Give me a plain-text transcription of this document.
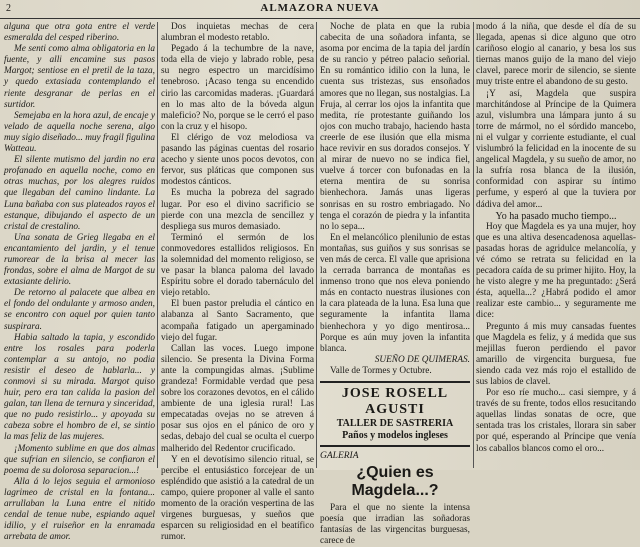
2	ALMAZORA NUEVA

alguna que otra gota entre el verde esmeralda del cesped riberino.

Me senti como alma obligatoria en la fuente, y alli encamine sus pasos Margot; sentiose en el pretil de la taza, y quedo extasiada contemplando el riente desgranar de perlas en el surtidor.

Semejaba en la hora azul, de encaje y velado de aquella noche serena, algo muy sigio diseñado... muy fragil figulina Watteau.

El silente mutismo del jardin no era profanado en aquella noche, como en otras muchas, por los alegres ruidos que llegaban del camino lindante. La Luna bañaba con sus plateados rayos el estanque, dibujando el aspecto de un cristal de crestalino.

Una sonata de Grieg llegaba en el encantamiento del jardin, y el tenue rumorear de la brisa al mecer las frondas, sobre el alma de Margot de su extasiante delirio.

De retorno al palacete que albea en el fondo del ondulante y armoso anden, se encontro con aquel por quien tanto suspirara.

Habia saltado la tapia, y escondido entre los rosales para poderla contemplar a su antojo, no podia resistir el deseo de hablarla... y conmovi si su mirada. Margot quiso huir, pero era tan calida la pasion del galan, tan llena de ternura y sinceridad, que no pudo resistirlo... y apoyada su cabeza sobre el hombro de el, se sintio la mas feliz de las mujeres.

¡Momento sublime en que dos almas que sufrian en silencio, se confiaron el poema de su dolorosa separacion...!

Alla á lo lejos seguia el armonioso lagrimeo de cristal en la fontana... arrullaban la Luna entre el nitido cendal de tenue nube, espiando aquel idilio, y el ruiseñor en la enramada arrebata de amor.

Dos inquietas mechas de cera alumbran el modesto retablo.

Pegado á la techumbre de la nave, toda ella de viejo y labrado roble, pesa su negro espectro un marcidísimo tenebroso. ¡Acaso tenga su encendido cirio las carcomidas maderas. ¡Guardará en lo mas alto de la bóveda algun maleficio? No, porque se le cerró el paso con la cruz y el hisopo.

El clérigo de voz melodiosa va pasando las páginas cuentas del rosario acecho y siente unos pocos devotos, con fervor, sus pláticas que componen sus modestos cánticos.

Es mucha la pobreza del sagrado lugar. Por eso el divino sacrificio se pierde con una mezcla de sencillez y despliega sus muros demasiado.

Terminó el sermón de los conmovedores estallidos religiosos. En la solemnidad del momento religioso, se ve pasar la blanca paloma del lavado Espíritu sobre el dorado tabernáculo del viejo retablo.

El buen pastor preludia el cántico en alabanza al Santo Sacramento, que acompaña fatigado un apergaminado viejo del fugar.

Callan las voces. Luego impone silencio. Se presenta la Divina Forma ante la compungidas almas. ¡Sublime grandeza! Formidable verdad que pesa sobre los corazones devotos, en el cálido ambiente de una iglesia rural! Las empecatadas ovejas no se atreven á posar sus ojos en el pánico de oro y sedas, debajo del cual se oculta el cuerpo malherido del Redentor crucificado.

Y en el devotísimo silencio ritual, se percibe el entusiástico forcejear de un espléndido que asistió a la catedral de un campo, quiere proponer al valle el santo momento de la oración vespertina de las virgenes burguesas, y sueños que esparcen su religiosidad en el beatífico rumor.

Noche de plata en que la rubia cabecita de una soñadora infanta, se asoma por encima de la tapia del jardín de su rancio y pétreo palacio señorial. En su romántico idilio con la luna, le cuenta sus tristezas, sus ensoñados amores que no llegan, sus nostalgias. La Fruja, al cerrar los ojos la infantita que medita, ríe protestante guiñando los ojos con mucho trabajo, haciendo hasta creerle de ese ilusión que ella misma hace revivir en sus dorados consejos. Y al mirar de nuevo no se indica fiel, vuelve á torcer con bufonadas en la eterna mentira de su sonrisa bienhechora. Jamás unas ligeras sonrisas en su rostro embriagado. No tenga el corazón de piedra y la infantita no lo sepa...

En el melancólico plenilunio de estas montañas, sus guiños y sus sonrisas se ven más de cerca. El valle que aprisiona la cerrada barranca de montañas es inmenso trono que nos eleva poniendo más en contacto nuestras ilusiones con la cara plateada de la luna. Esa luna que seguramente la infantita llama bienhechora y yo digo mentirosa... Porque es aún muy joven la infantita blanca.

SUEÑO DE QUIMERAS.

Valle de Tormes y Octubre.

JOSE ROSELL AGUSTI
TALLER DE SASTRERIA
Paños y modelos ingleses

GALERIA

¿Quien es Magdela...?

Para el que no siente la intensa poesía que irradian las soñadoras fantasías de las virgencitas burguesas, carece de

modo á la niña, que desde el día de su llegada, apenas si dice alguno que otro cariñoso elogio al canario, y besa los sus tiernas manos guijo de la mano del viejo clavel, parece morir de silencio, se siente muy triste entre el abandono de su gesto.

¡Y así, Magdela que suspira marchitándose al Príncipe de la Quimera azul, vislumbra una lámpara junto á su torre de mármol, no el sórdido mancebo, ni el vulgar y corriente estudiante, el cual vislumbró la felicidad en la inocente de su angelical Magdela, y su sueño de amor, no la sufría rosa blanca de la ilusión, conformidad con aspirar su íntimo perfume, y esperó al que la tuviera por dádiva del amor...

Yo ha pasado mucho tiempo...

Hoy que Magdela es ya una mujer, hoy que es una altiva desencadenosa aquellas-pasadas horas de agridulce melancolía, y vé cómo se retrata su felicidad en la pecadora caída de su primer hijito. Hoy, la he visto alegre y me ha preguntado: ¿Será ésta, aquella...? ¿Habrá podido el amor realizar este cambio... y seguramente me dice:

Pregunto á mis muy cansadas fuentes que Magdela es feliz, y á medida que sus mejillas fueron perdiendo el pavor amarillo de virgencita burguesa, fue siendo cada vez más rojo el estallido de sus labios de clavel.

Por eso ríe mucho... casi siempre, y á través de su frente, todos ellos resucitando aquellas lindas sonatas de ocre, que sentada tras los cristales, llorara sin saber por qué, esperando al Príncipe que venía los caballos blancos como el oro...
